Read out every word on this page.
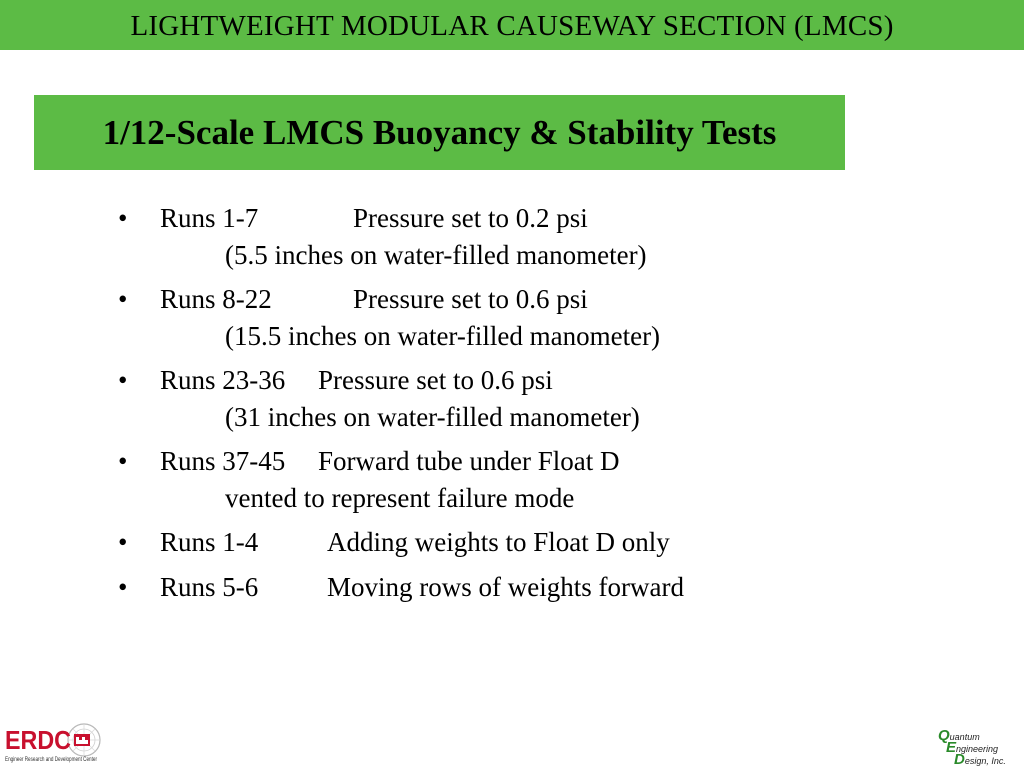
LIGHTWEIGHT MODULAR CAUSEWAY SECTION (LMCS)
1/12-Scale LMCS Buoyancy & Stability Tests
• Runs 1-7	Pressure set to 0.2 psi
(5.5 inches on water-filled manometer)
• Runs 8-22	Pressure set to 0.6 psi
(15.5 inches on water-filled manometer)
• Runs 23-36	Pressure set to 0.6 psi
(31 inches on water-filled manometer)
• Runs 37-45	Forward tube under Float D
vented to represent failure mode
• Runs 1-4	Adding weights to Float D only
• Runs 5-6	Moving rows of weights forward
ERDC
Engineer Research and Development Center
Quantum
Engineering
Design, Inc.
